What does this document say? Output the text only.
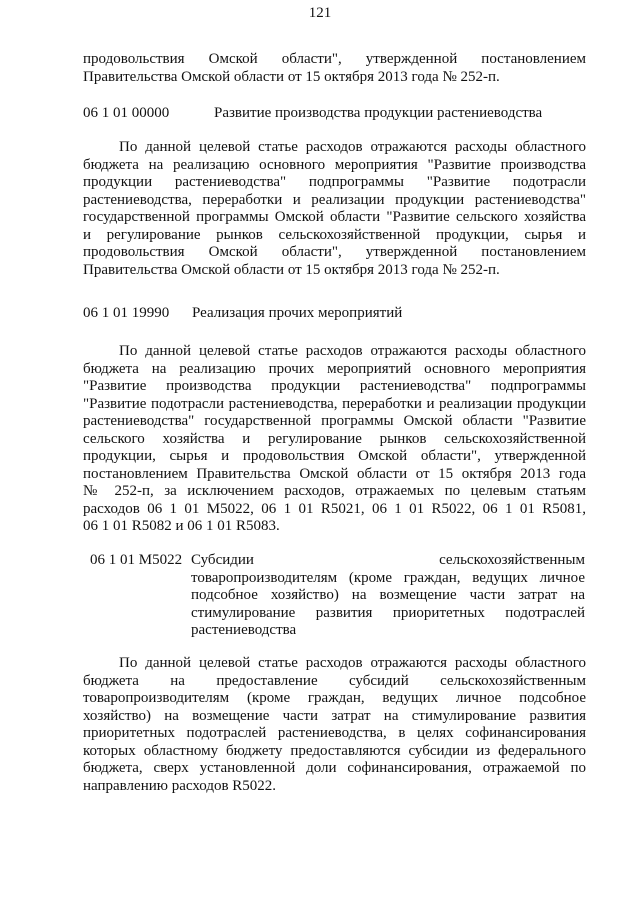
121
продовольствия Омской области", утвержденной постановлением
Правительства Омской области от 15 октября 2013 года № 252-п.
06 1 01 00000	Развитие производства продукции растениеводства
По данной целевой статье расходов отражаются расходы областного
бюджета на реализацию основного мероприятия "Развитие производства
продукции растениеводства" подпрограммы "Развитие подотрасли
растениеводства, переработки и реализации продукции растениеводства"
государственной программы Омской области "Развитие сельского хозяйства
и регулирование рынков сельскохозяйственной продукции, сырья и
продовольствия Омской области", утвержденной постановлением
Правительства Омской области от 15 октября 2013 года № 252-п.
06 1 01 19990 Реализация прочих мероприятий
По данной целевой статье расходов отражаются расходы областного
бюджета на реализацию прочих мероприятий основного мероприятия
"Развитие производства продукции растениеводства" подпрограммы
"Развитие подотрасли растениеводства, переработки и реализации продукции
растениеводства" государственной программы Омской области "Развитие
сельского хозяйства и регулирование рынков сельскохозяйственной
продукции, сырья и продовольствия Омской области", утвержденной
постановлением Правительства Омской области от 15 октября 2013 года
№ 252-п, за исключением расходов, отражаемых по целевым статьям
расходов 06 1 01 М5022, 06 1 01 R5021, 06 1 01 R5022, 06 1 01 R5081,
06 1 01 R5082 и 06 1 01 R5083.
06 1 01 М5022 Субсидии сельскохозяйственным
товаропроизводителям (кроме граждан, ведущих личное
подсобное хозяйство) на возмещение части затрат на
стимулирование развития приоритетных подотраслей
растениеводства
По данной целевой статье расходов отражаются расходы областного
бюджета на предоставление субсидий сельскохозяйственным
товаропроизводителям (кроме граждан, ведущих личное подсобное
хозяйство) на возмещение части затрат на стимулирование развития
приоритетных подотраслей растениеводства, в целях софинансирования
которых областному бюджету предоставляются субсидии из федерального
бюджета, сверх установленной доли софинансирования, отражаемой по
направлению расходов R5022.
